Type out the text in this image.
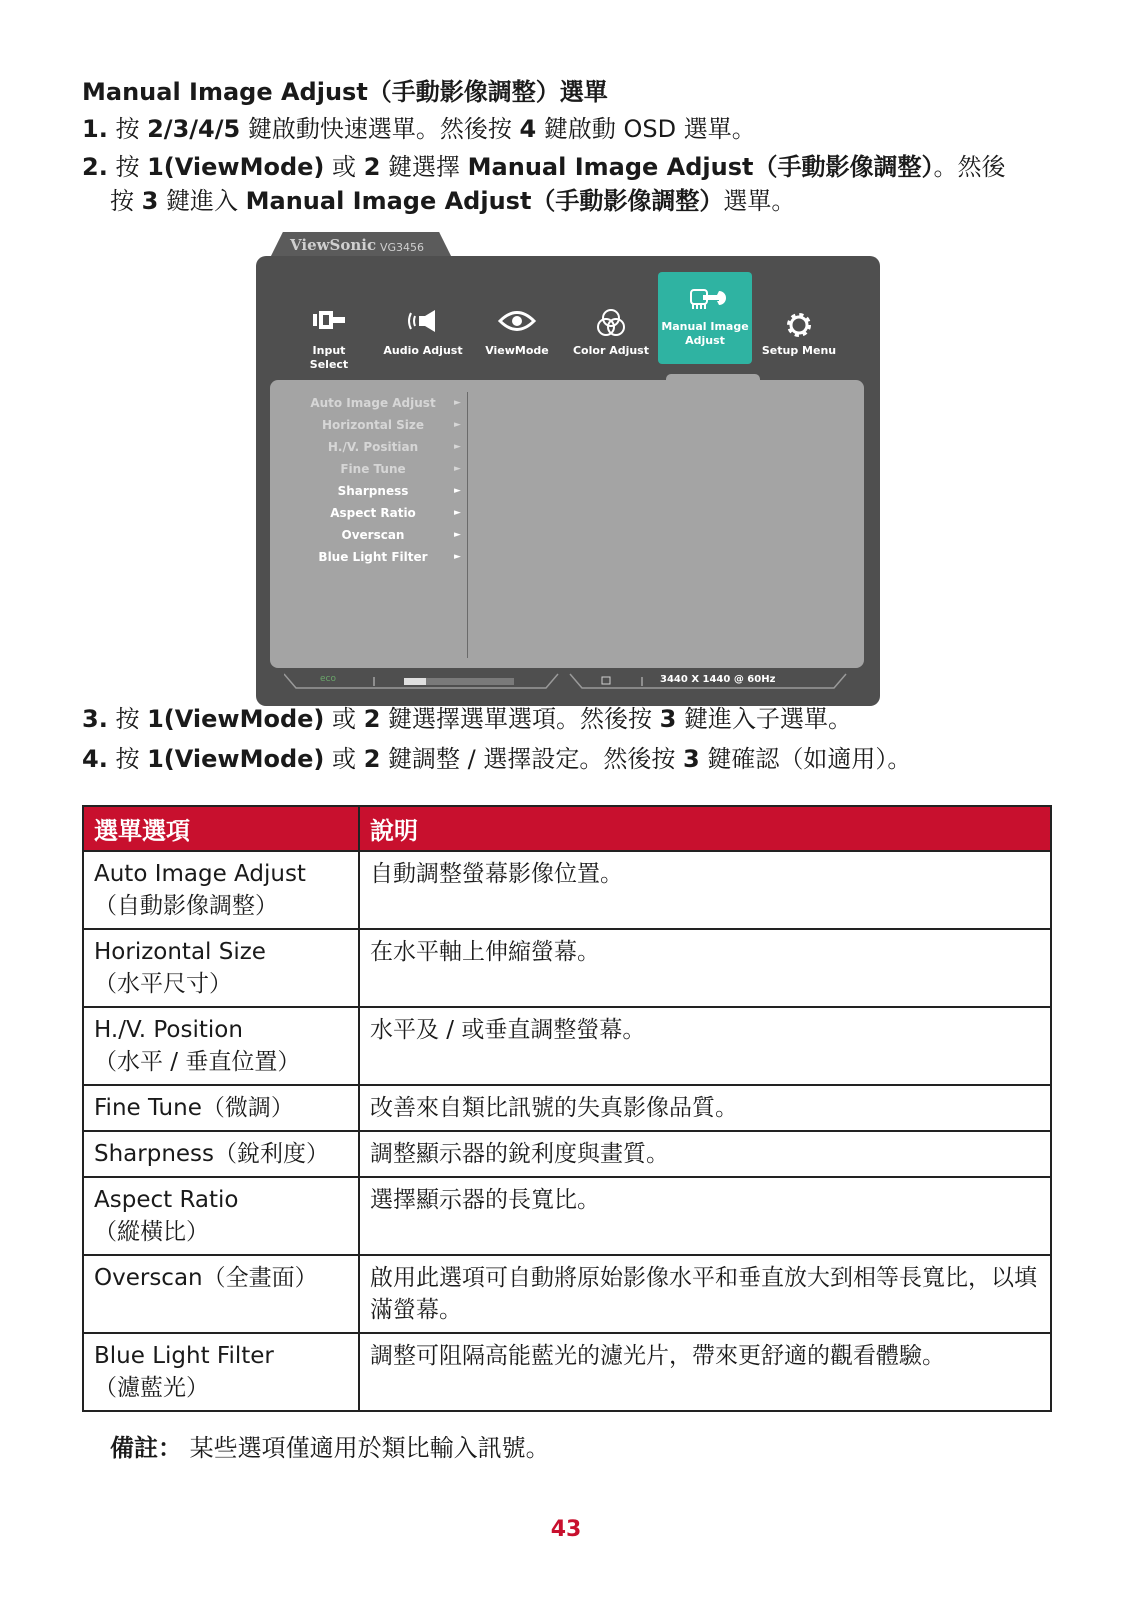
Manual Image Adjust（手動影像調整）選單
1. 按 2/3/4/5 鍵啟動快速選單。然後按 4 鍵啟動 OSD 選單。
2. 按 1(ViewMode) 或 2 鍵選擇 Manual Image Adjust（手動影像調整）。然後
按 3 鍵進入 Manual Image Adjust（手動影像調整）選單。
ViewSonic VG3456
Input
Select
Audio Adjust	ViewMode	Color Adjust
Manual Image
Adjust
Setup Menu
Auto Image Adjust	►
Horizontal Size	►
H./V. Positian	►
Fine Tune	►
Sharpness	►
Aspect Ratio	►
Overscan	►
Blue Light Filter	►
eco	3440 X 1440 @ 60Hz
3. 按 1(ViewMode) 或 2 鍵選擇選單選項。然後按 3 鍵進入子選單。
4. 按 1(ViewMode) 或 2 鍵調整 / 選擇設定。然後按 3 鍵確認（如適用）。
選單選項	說明

Auto Image Adjust
（自動影像調整）	自動調整螢幕影像位置。

Horizontal Size
（水平尺寸）	在水平軸上伸縮螢幕。

H./V. Position
（水平 / 垂直位置）	水平及 / 或垂直調整螢幕。

Fine Tune（微調）	改善來自類比訊號的失真影像品質。

Sharpness（銳利度）	調整顯示器的銳利度與畫質。

Aspect Ratio
（縱橫比）	選擇顯示器的長寬比。

Overscan（全畫面）	啟用此選項可自動將原始影像水平和垂直放大到相等長寬比，以填滿螢幕。

Blue Light Filter
（濾藍光）	調整可阻隔高能藍光的濾光片，帶來更舒適的觀看體驗。
備註： 某些選項僅適用於類比輸入訊號。
43
